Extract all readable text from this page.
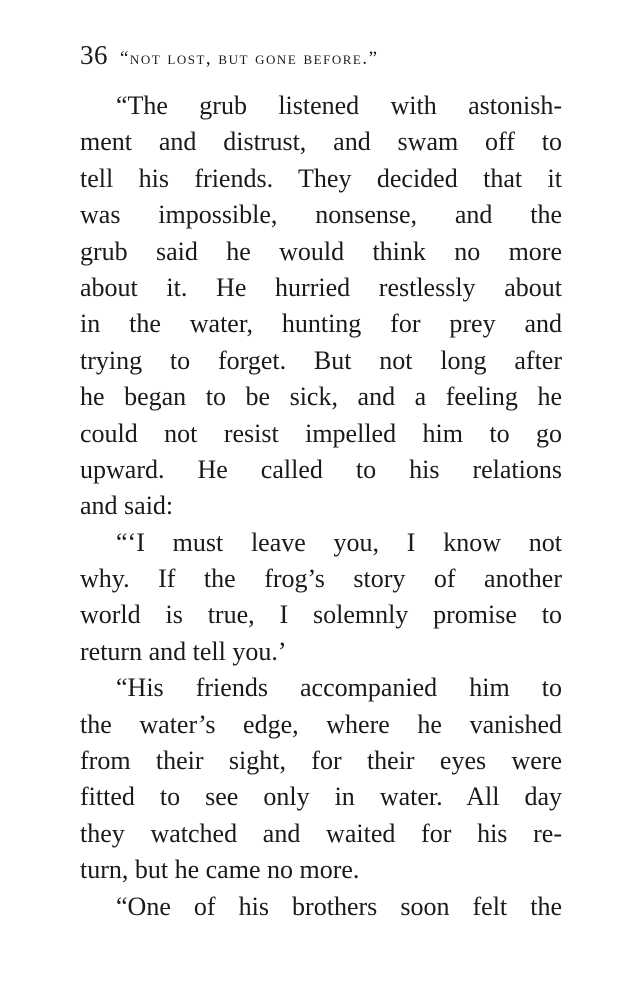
36 “not lost, but gone before.”
“The grub listened with astonish-
ment and distrust, and swam off to
tell his friends. They decided that it
was impossible, nonsense, and the
grub said he would think no more
about it. He hurried restlessly about
in the water, hunting for prey and
trying to forget. But not long after
he began to be sick, and a feeling he
could not resist impelled him to go
upward. He called to his relations
and said:
“‘I must leave you, I know not
why. If the frog’s story of another
world is true, I solemnly promise to
return and tell you.’
“His friends accompanied him to
the water’s edge, where he vanished
from their sight, for their eyes were
fitted to see only in water. All day
they watched and waited for his re-
turn, but he came no more.
“One of his brothers soon felt the
